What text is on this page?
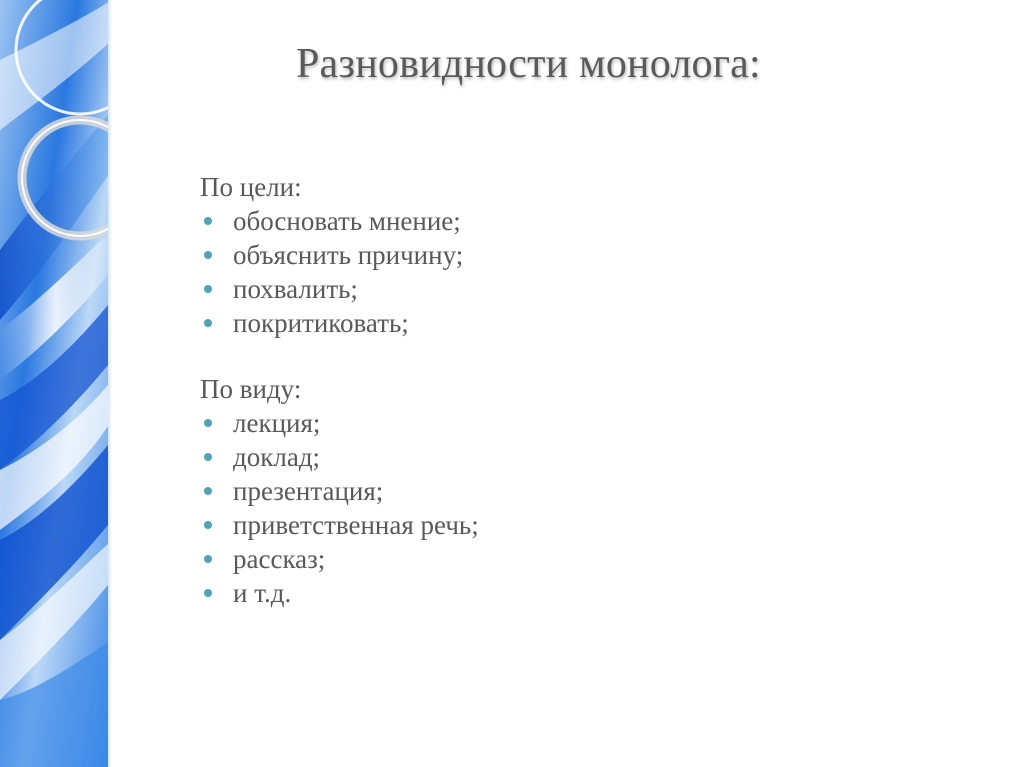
Разновидности монолога:

По цели:

обосновать мнение;
объяснить причину;
похвалить;
покритиковать;

По виду:

лекция;
доклад;
презентация;
приветственная речь;
рассказ;
и т.д.
